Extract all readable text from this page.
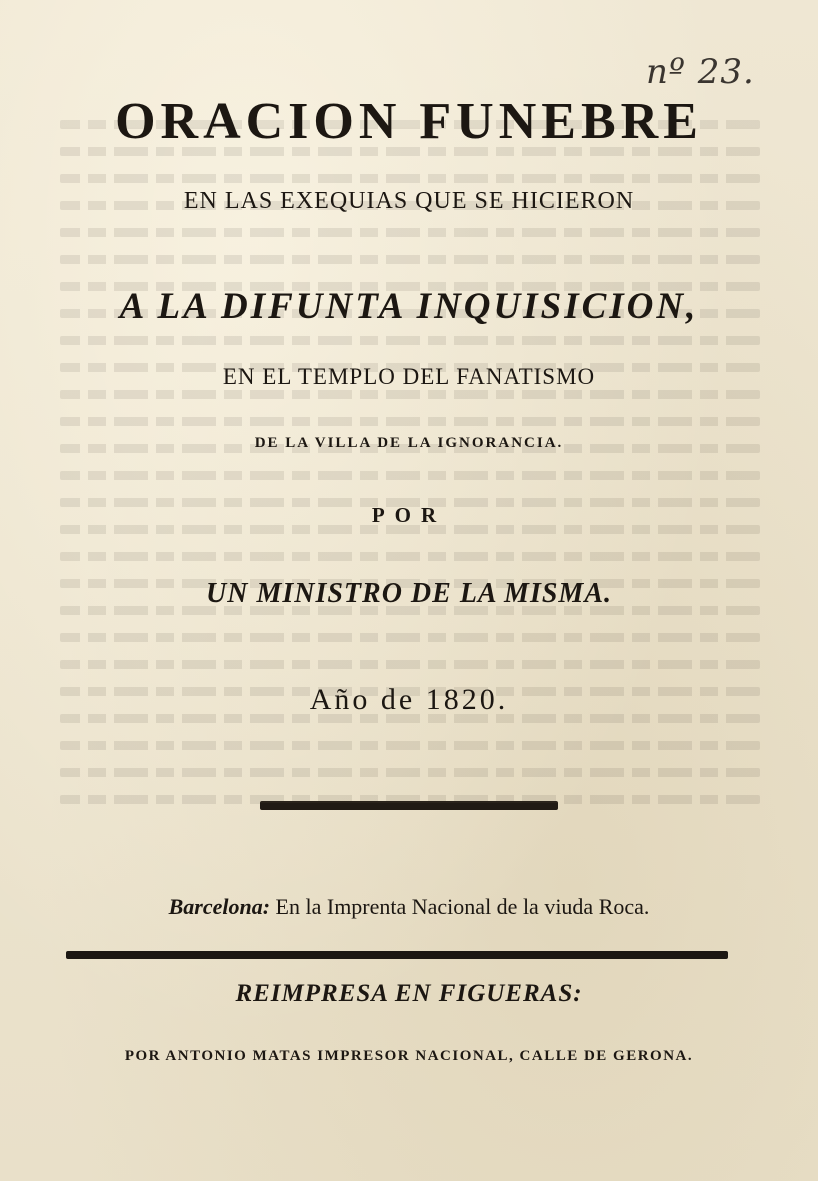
nº 23.
ORACION FUNEBRE
EN LAS EXEQUIAS QUE SE HICIERON
A LA DIFUNTA INQUISICION,
EN EL TEMPLO DEL FANATISMO
DE LA VILLA DE LA IGNORANCIA.
POR
UN MINISTRO DE LA MISMA.
Año de 1820.
Barcelona: En la Imprenta Nacional de la viuda Roca.
REIMPRESA EN FIGUERAS:
POR ANTONIO MATAS IMPRESOR NACIONAL, CALLE DE GERONA.
